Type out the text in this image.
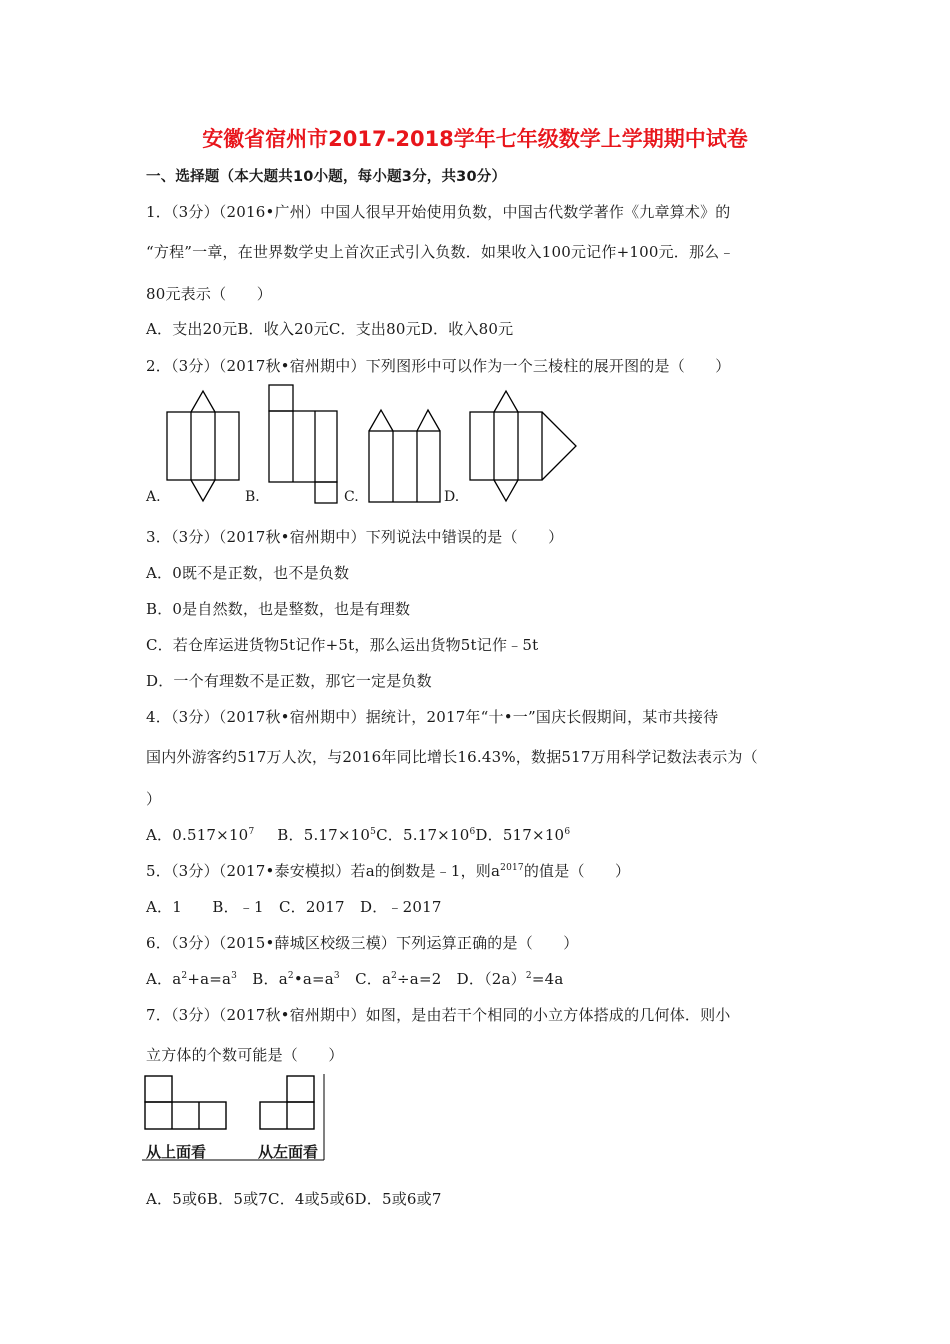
安徽省宿州市2017-2018学年七年级数学上学期期中试卷
一、选择题（本大题共10小题，每小题3分，共30分）
1．（3分）（2016•广州）中国人很早开始使用负数，中国古代数学著作《九章算术》的
“方程”一章，在世界数学史上首次正式引入负数．如果收入100元记作+100元．那么﹣
80元表示（　　）
A．支出20元B．收入20元C．支出80元D．收入80元
2．（3分）（2017秋•宿州期中）下列图形中可以作为一个三棱柱的展开图的是（　　）
A.	B.	C.	D.
3．（3分）（2017秋•宿州期中）下列说法中错误的是（　　）
A．0既不是正数，也不是负数
B．0是自然数，也是整数，也是有理数
C．若仓库运进货物5t记作+5t，那么运出货物5t记作﹣5t
D．一个有理数不是正数，那它一定是负数
4．（3分）（2017秋•宿州期中）据统计，2017年“十•一”国庆长假期间，某市共接待
国内外游客约517万人次，与2016年同比增长16.43%，数据517万用科学记数法表示为（
）
A．$0.517\times 10^7$　  B．$5.17\times 10^5C$．$5.17\times 10^6D$．$517\times 10^6$
5．（3分）（2017•泰安模拟）若a的倒数是﹣1，则$a^{2017}$的值是（　　）
A．1　　B．﹣1　C．2017　D．﹣2017
6．（3分）（2015•薛城区校级三模）下列运算正确的是（　　）
A．$a^2+a=a^3$　 B．$a^2•a=a^3$　 C．$a^2\div a=2$　 D．$(2a)^2=4a$
7．（3分）（2017秋•宿州期中）如图，是由若干个相同的小立方体搭成的几何体．则小
立方体的个数可能是（　　）
从上面看	从左面看
A．5或6B．5或7C．4或5或6D．5或6或7
